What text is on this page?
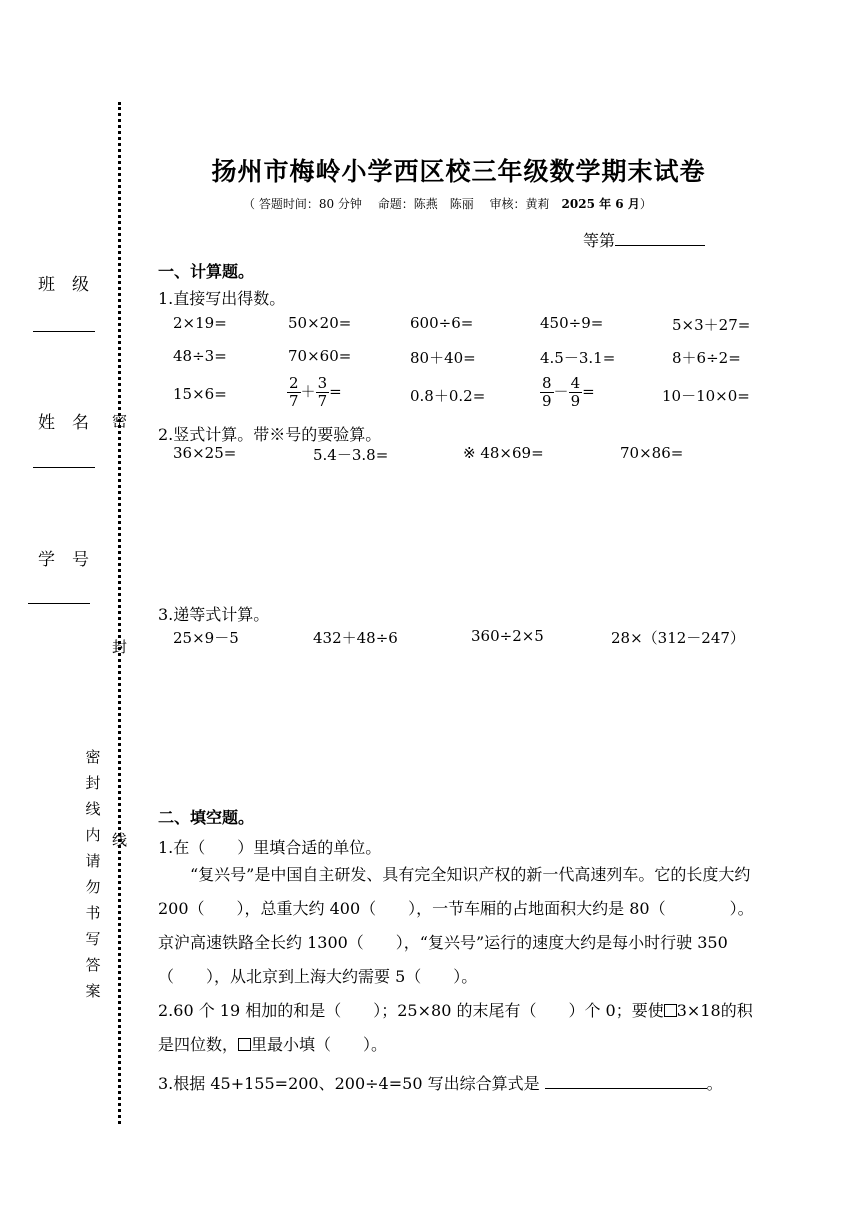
班　级
姓　名
学　号
密
封
线
密封线内请勿书写答案
扬州市梅岭小学西区校三年级数学期末试卷
（ 答题时间：80 分钟　 命题：陈燕　陈丽　 审核：黄莉　2025 年 6 月）
等第
一、计算题。
1.直接写出得数。
2×19=	50×20=	600÷6=	450÷9=	5×3＋27=
48÷3=	70×60=	80＋40=	4.5－3.1=	8＋6÷2=
15×6=	$\frac{2}{7} + \frac{3}{7}$ =	0.8＋0.2=	$\frac{8}{9} - \frac{4}{9}$ =	10－10×0=
2.竖式计算。带※号的要验算。
36×25=	5.4－3.8=	※ 48×69=	70×86=
3.递等式计算。
25×9－5	432＋48÷6	360÷2×5	28×（312－247）
二、填空题。
1.在（　　）里填合适的单位。
“复兴号”是中国自主研发、具有完全知识产权的新一代高速列车。它的长度大约 200（　　），总重大约 400（　　），一节车厢的占地面积大约是 80（　　　　）。京沪高速铁路全长约 1300（　　），“复兴号”运行的速度大约是每小时行驶 350（　　），从北京到上海大约需要 5（　　）。
2.60 个 19 相加的和是（　　）；25×80 的末尾有（　　）个 0；要使 3×18的积是四位数， 里最小填（　　）。
3.根据 45+155=200、200÷4=50 写出综合算式是	。
